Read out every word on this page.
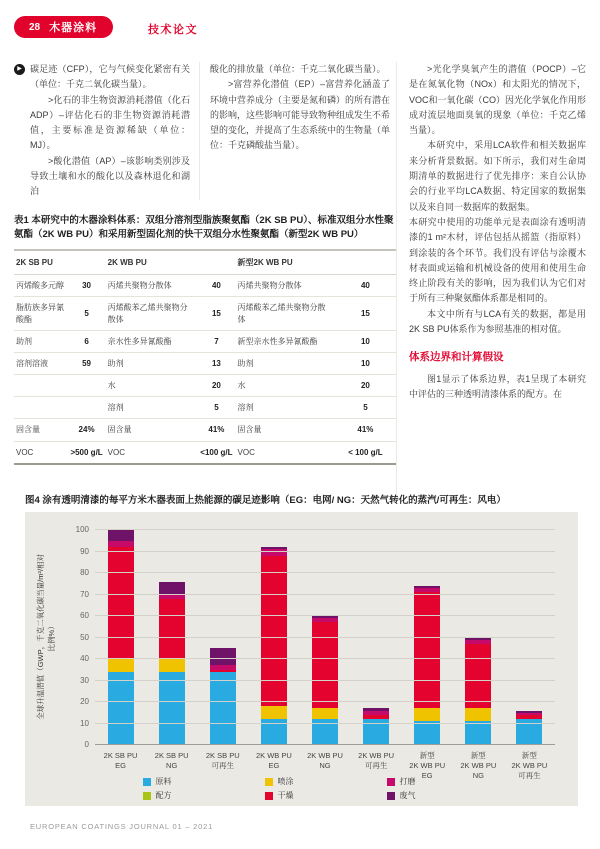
28 木器涂料	技术论文
▶ 碳足迹（CFP），它与气候变化紧密有关（单位：千克二氧化碳当量）。

>化石的非生物资源消耗潜值（化石ADP）–评估化石的非生物资源消耗潜值，主要标准是资源稀缺（单位：MJ）。

>酸化潜值（AP）–该影响类别涉及导致土壤和水的酸化以及森林退化和湖泊

酸化的排放量（单位：千克二氧化碳当量）。

>富营养化潜值（EP）–富营养化涵盖了环境中营养成分（主要是氮和磷）的所有潜在的影响，这些影响可能导致物种组成发生不希望的变化，并提高了生态系统中的生物量（单位：千克磷酸盐当量）。

表1 本研究中的木器涂料体系：双组分溶剂型脂族聚氨酯（2K SB PU）、标准双组分水性聚氨酯（2K WB PU）和采用新型固化剂的快干双组分水性聚氨酯（新型2K WB PU）
2K SB PU		2K WB PU		新型2K WB PU	
丙烯酸多元醇	30	丙烯共聚物分散体	40	丙烯共聚物分散体	40
脂肪族多异氰酸酯	5	丙烯酸苯乙烯共聚物分散体	15	丙烯酸苯乙烯共聚物分散体	15
助剂	6	亲水性多异氰酸酯	7	新型亲水性多异氰酸酯	10
溶剂溶液	59	助剂	13	助剂	10
		水	20	水	20
		溶剂	5	溶剂	5
固含量	24%	固含量	41%	固含量	41%
VOC	>500 g/L	VOC	<100 g/L	VOC	< 100 g/L

>光化学臭氧产生的潜值（POCP）–它是在氮氧化物（NOx）和太阳光的情况下，VOC和一氧化碳（CO）因光化学氧化作用形成对流层地面臭氧的现象（单位：千克乙烯当量）。

本研究中，采用LCA软件和相关数据库来分析背景数据。如下所示，我们对生命周期清单的数据进行了优先排序：来自公认协会的行业平均LCA数据、特定国家的数据集以及来自同一数据库的数据集。

本研究中使用的功能单元是表面涂有透明清漆的1 m²木材，评估包括从摇篮（指原料）到涂装的各个环节。我们没有评估与涂覆木材表面或运输和机械设备的使用和使用生命终止阶段有关的影响，因为我们认为它们对于所有三种聚氨酯体系都是相同的。

本文中所有与LCA有关的数据，都是用2K SB PU体系作为参照基准的相对值。

体系边界和计算假设

图1显示了体系边界，表1呈现了本研究中评估的三种透明清漆体系的配方。在

图4 涂有透明清漆的每平方米木器表面上热能源的碳足迹影响（EG：电网/ NG：天然气转化的蒸汽/可再生：风电）
全球升温潜值（GWP，千克二氧化碳当量/m²/相对比例%）
0
10
20
30
40
50
60
70
80
90
100
2K SB PU
EG
2K SB PU
NG
2K SB PU
可再生
2K WB PU
EG
2K WB PU
NG
2K WB PU
可再生
新型
2K WB PU
EG
新型
2K WB PU
NG
新型
2K WB PU
可再生
原料	喷涂	打磨
配方	干燥	废气
EUROPEAN COATINGS JOURNAL 01 – 2021
